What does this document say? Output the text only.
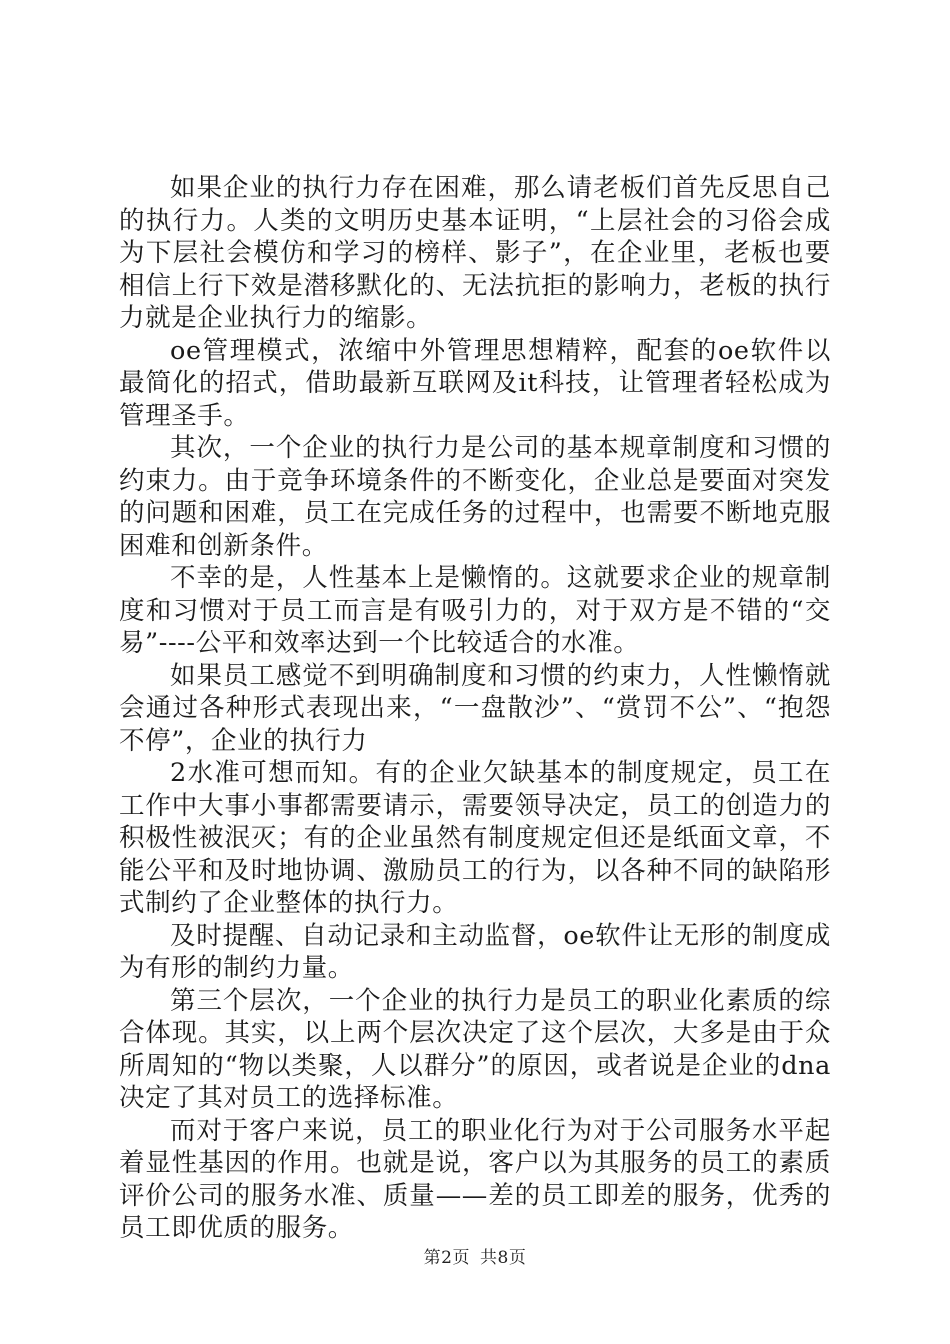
如果企业的执行力存在困难，那么请老板们首先反思自己的执行力。人类的文明历史基本证明，“上层社会的习俗会成为下层社会模仿和学习的榜样、影子”，在企业里，老板也要相信上行下效是潜移默化的、无法抗拒的影响力，老板的执行力就是企业执行力的缩影。

oe管理模式，浓缩中外管理思想精粹，配套的oe软件以最简化的招式，借助最新互联网及it科技，让管理者轻松成为管理圣手。

其次，一个企业的执行力是公司的基本规章制度和习惯的约束力。由于竞争环境条件的不断变化，企业总是要面对突发的问题和困难，员工在完成任务的过程中，也需要不断地克服困难和创新条件。

不幸的是，人性基本上是懒惰的。这就要求企业的规章制度和习惯对于员工而言是有吸引力的，对于双方是不错的“交易”----公平和效率达到一个比较适合的水准。

如果员工感觉不到明确制度和习惯的约束力，人性懒惰就会通过各种形式表现出来，“一盘散沙”、“赏罚不公”、“抱怨不停”，企业的执行力

2水准可想而知。有的企业欠缺基本的制度规定，员工在工作中大事小事都需要请示，需要领导决定，员工的创造力的积极性被泯灭；有的企业虽然有制度规定但还是纸面文章，不能公平和及时地协调、激励员工的行为，以各种不同的缺陷形式制约了企业整体的执行力。

及时提醒、自动记录和主动监督，oe软件让无形的制度成为有形的制约力量。

第三个层次，一个企业的执行力是员工的职业化素质的综合体现。其实，以上两个层次决定了这个层次，大多是由于众所周知的“物以类聚，人以群分”的原因，或者说是企业的dna决定了其对员工的选择标准。

而对于客户来说，员工的职业化行为对于公司服务水平起着显性基因的作用。也就是说，客户以为其服务的员工的素质评价公司的服务水准、质量——差的员工即差的服务，优秀的员工即优质的服务。

第2页 共8页
